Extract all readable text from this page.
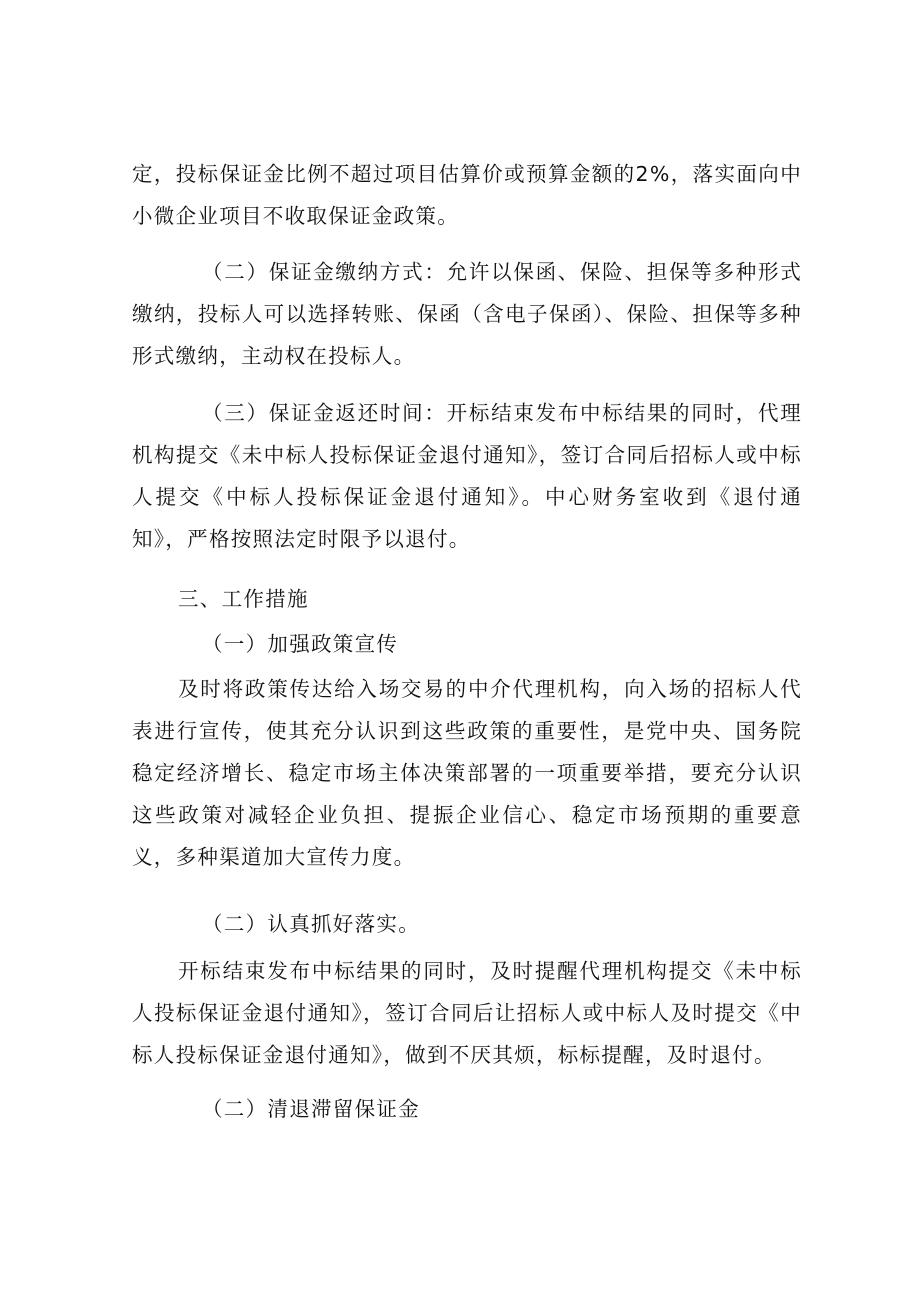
定，投标保证金比例不超过项目估算价或预算金额的2%，落实面向中小微企业项目不收取保证金政策。

（二）保证金缴纳方式：允许以保函、保险、担保等多种形式缴纳，投标人可以选择转账、保函（含电子保函）、保险、担保等多种形式缴纳，主动权在投标人。

（三）保证金返还时间：开标结束发布中标结果的同时，代理机构提交《未中标人投标保证金退付通知》，签订合同后招标人或中标人提交《中标人投标保证金退付通知》。中心财务室收到《退付通知》，严格按照法定时限予以退付。

三、工作措施

（一）加强政策宣传

及时将政策传达给入场交易的中介代理机构，向入场的招标人代表进行宣传，使其充分认识到这些政策的重要性，是党中央、国务院稳定经济增长、稳定市场主体决策部署的一项重要举措，要充分认识这些政策对减轻企业负担、提振企业信心、稳定市场预期的重要意义，多种渠道加大宣传力度。

（二）认真抓好落实。

开标结束发布中标结果的同时，及时提醒代理机构提交《未中标人投标保证金退付通知》，签订合同后让招标人或中标人及时提交《中标人投标保证金退付通知》，做到不厌其烦，标标提醒，及时退付。

（二）清退滞留保证金
